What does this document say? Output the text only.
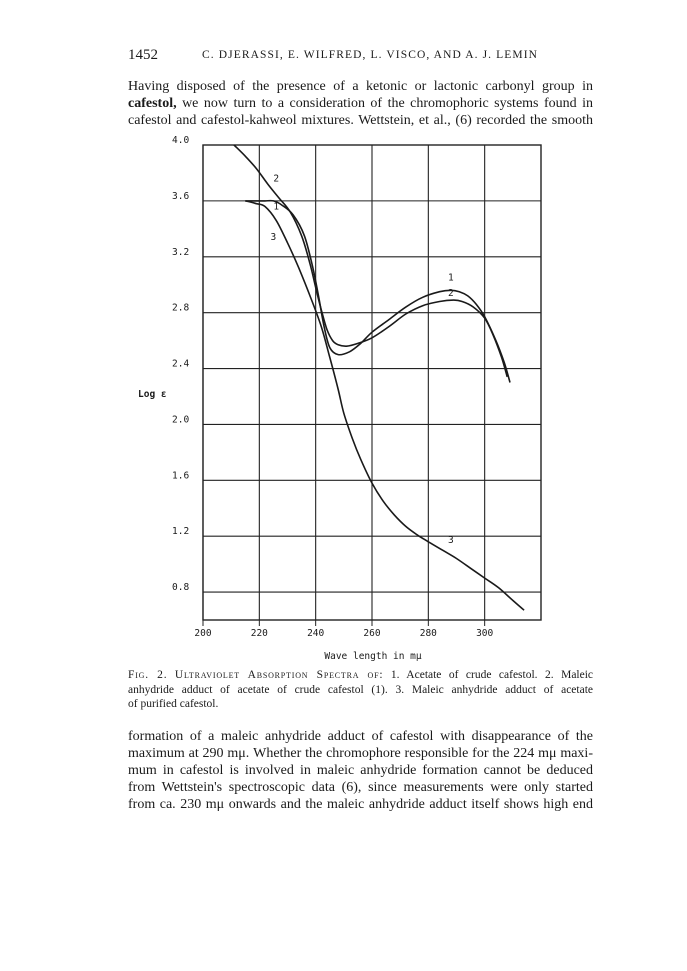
1452	C. DJERASSI, E. WILFRED, L. VISCO, AND A. J. LEMIN

Having disposed of the presence of a ketonic or lactonic carbonyl group in
cafestol, we now turn to a consideration of the chromophoric systems found in
cafestol and cafestol-kahweol mixtures. Wettstein, et al., (6) recorded the smooth

4.0
3.6
3.2
2.8
2.4
2.0
1.6
1.2
0.8
200	220	240	260	280	300
1
2
3
1
2
3
Log ε
Wave length in mμ

Fig. 2. Ultraviolet Absorption Spectra of: 1. Acetate of crude cafestol. 2. Maleic
anhydride adduct of acetate of crude cafestol (1). 3. Maleic anhydride adduct of acetate
of purified cafestol.

formation of a maleic anhydride adduct of cafestol with disappearance of the
maximum at 290 mμ. Whether the chromophore responsible for the 224 mμ maxi-
mum in cafestol is involved in maleic anhydride formation cannot be deduced
from Wettstein's spectroscopic data (6), since measurements were only started
from ca. 230 mμ onwards and the maleic anhydride adduct itself shows high end
